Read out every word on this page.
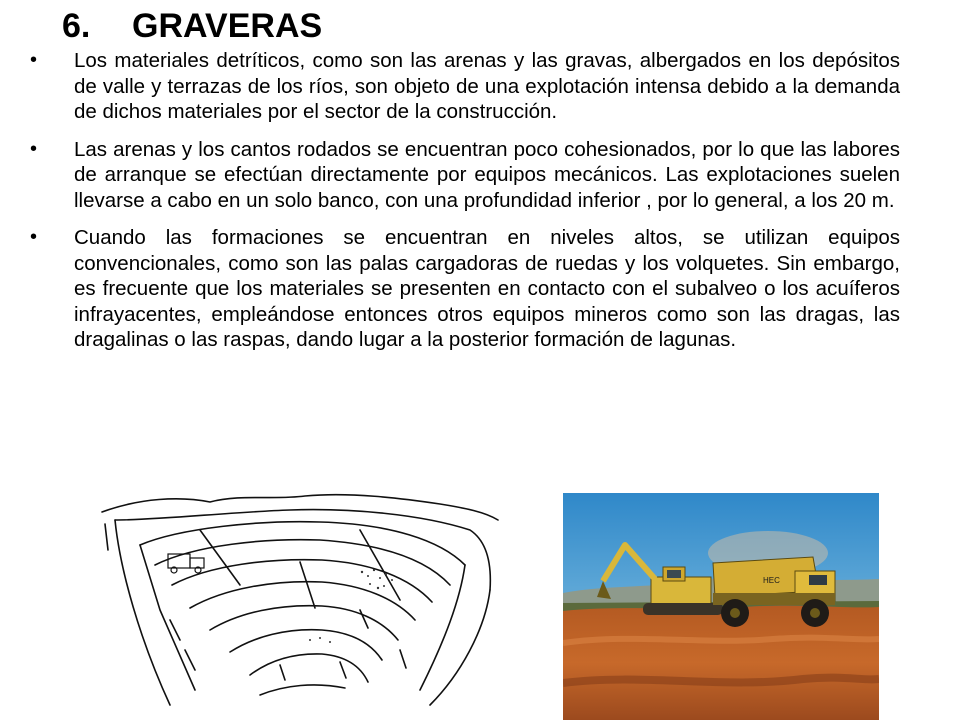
6. GRAVERAS
• Los materiales detríticos, como son las arenas y las gravas, albergados en los depósitos de valle y terrazas de los ríos, son objeto de una explotación intensa debido a la demanda de dichos materiales por el sector de la construcción.
• Las arenas y los cantos rodados se encuentran poco cohesionados, por lo que las labores de arranque se efectúan directamente por equipos mecánicos. Las explotaciones suelen llevarse a cabo en un solo banco, con una profundidad inferior , por lo general, a los 20 m.
• Cuando las formaciones se encuentran en niveles altos, se utilizan equipos convencionales, como son las palas cargadoras de ruedas y los volquetes. Sin embargo, es frecuente que los materiales se presenten en contacto con el subalveo o los acuíferos infrayacentes, empleándose entonces otros equipos mineros como son las dragas, las dragalinas o las raspas, dando lugar a la posterior formación de lagunas.
HEC
